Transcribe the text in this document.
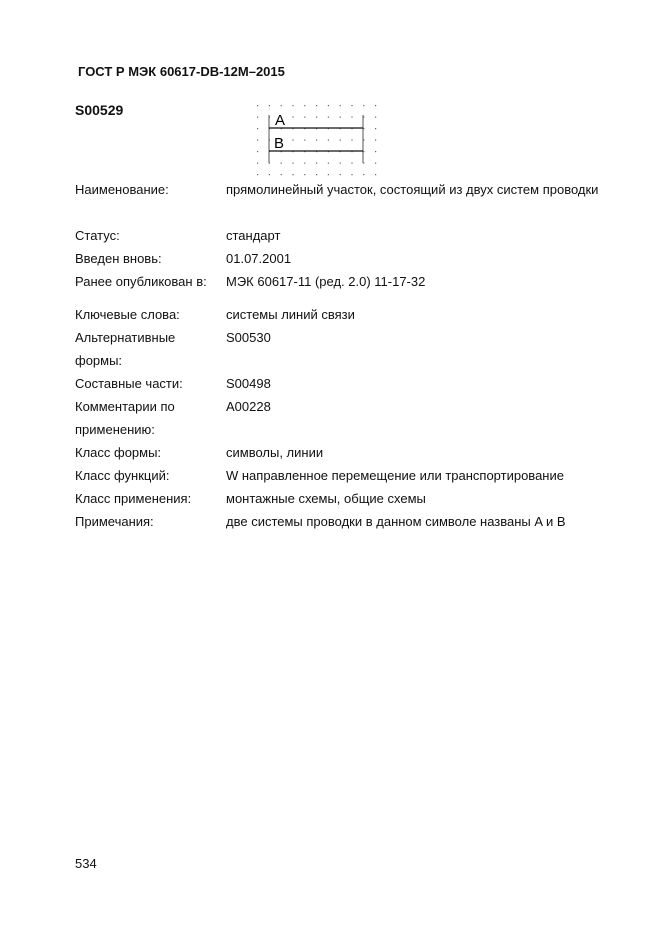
ГОСТ Р МЭК 60617-DB-12M–2015
S00529
A
B
Наименование:	прямолинейный участок, состоящий из двух систем проводки
Статус:	стандарт
Введен вновь:	01.07.2001
Ранее опубликован в:	МЭК 60617-11 (ред. 2.0) 11-17-32
Ключевые слова:	системы линий связи
Альтернативные формы:
S00530
Составные части:	S00498
Комментарии по применению:
A00228
Класс формы:	символы, линии
Класс функций:	W направленное перемещение или транспортирование
Класс применения:	монтажные схемы, общие схемы
Примечания:	две системы проводки в данном символе названы A и B
534
